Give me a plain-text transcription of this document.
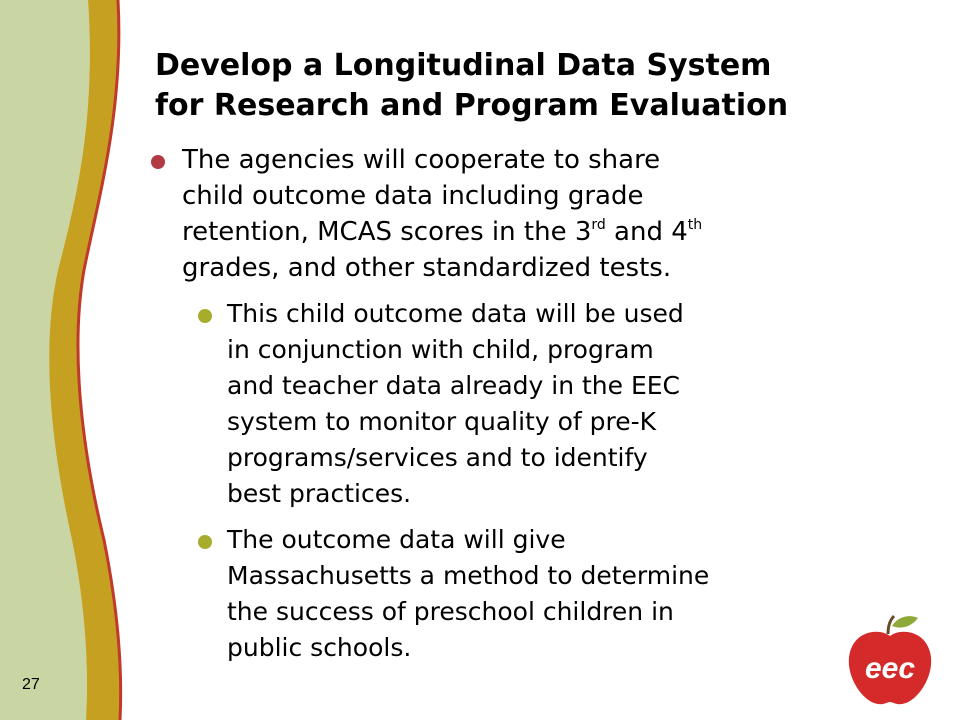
27
Develop a Longitudinal Data System
for Research and Program Evaluation
The agencies will cooperate to share
child outcome data including grade
retention, MCAS scores in the 3rd and 4th
grades, and other standardized tests.
This child outcome data will be used
in conjunction with child, program
and teacher data already in the EEC
system to monitor quality of pre-K
programs/services and to identify
best practices.
The outcome data will give
Massachusetts a method to determine
the success of preschool children in
public schools.
eec
